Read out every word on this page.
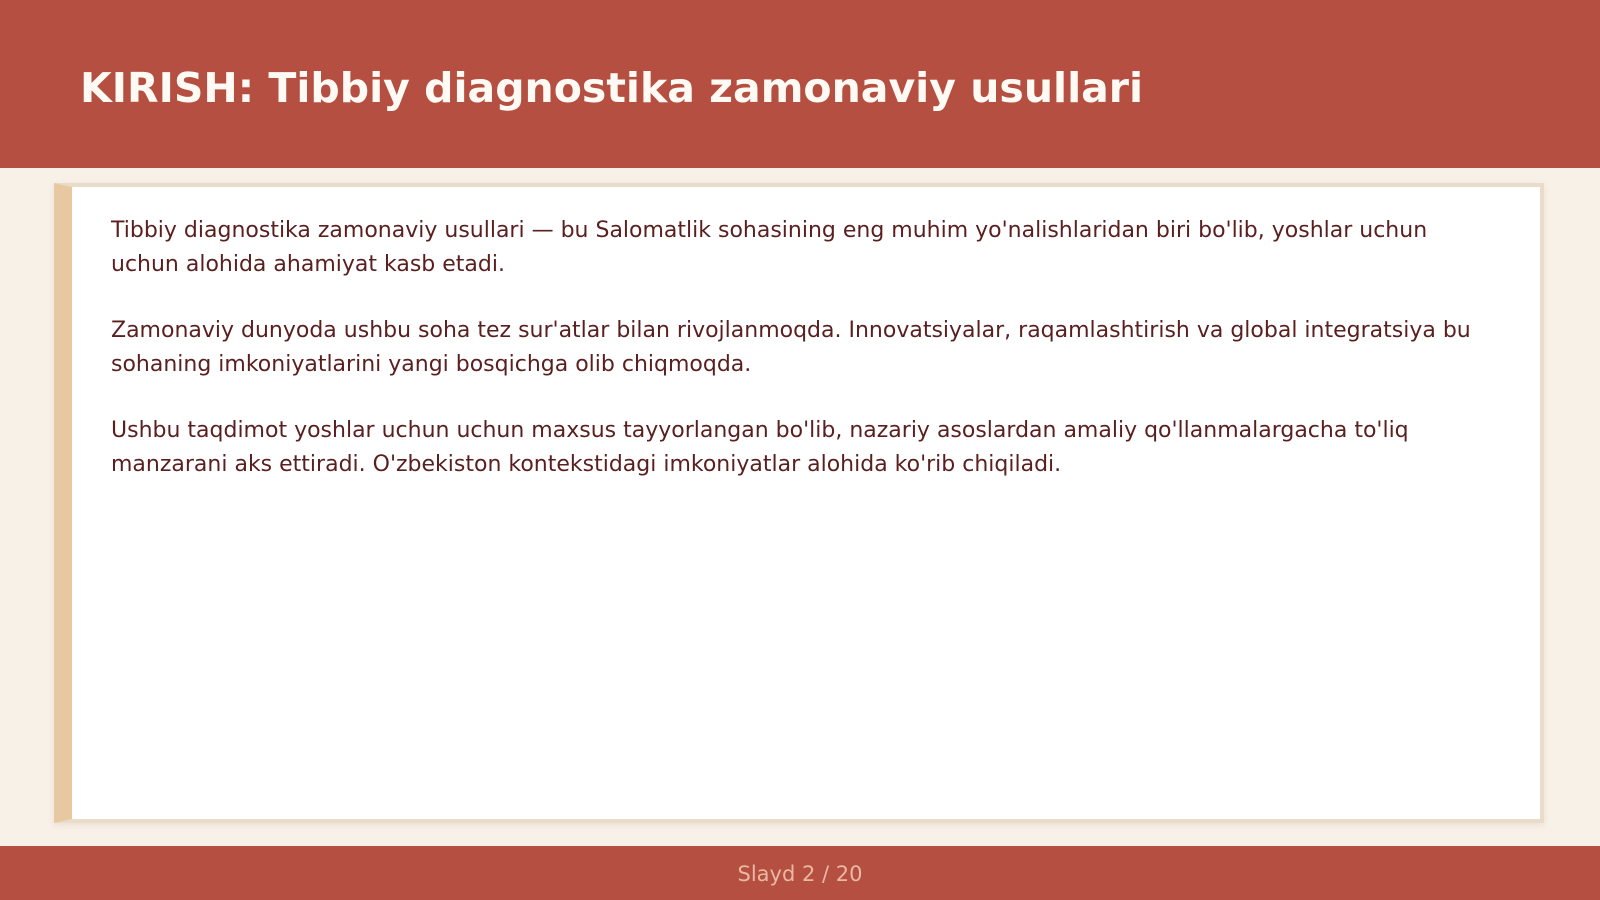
KIRISH: Tibbiy diagnostika zamonaviy usullari

Tibbiy diagnostika zamonaviy usullari — bu Salomatlik sohasining eng muhim yo'nalishlaridan biri bo'lib, yoshlar uchun uchun alohida ahamiyat kasb etadi.

Zamonaviy dunyoda ushbu soha tez sur'atlar bilan rivojlanmoqda. Innovatsiyalar, raqamlashtirish va global integratsiya bu sohaning imkoniyatlarini yangi bosqichga olib chiqmoqda.

Ushbu taqdimot yoshlar uchun uchun maxsus tayyorlangan bo'lib, nazariy asoslardan amaliy qo'llanmalargacha to'liq manzarani aks ettiradi. O'zbekiston kontekstidagi imkoniyatlar alohida ko'rib chiqiladi.

Slayd 2 / 20
